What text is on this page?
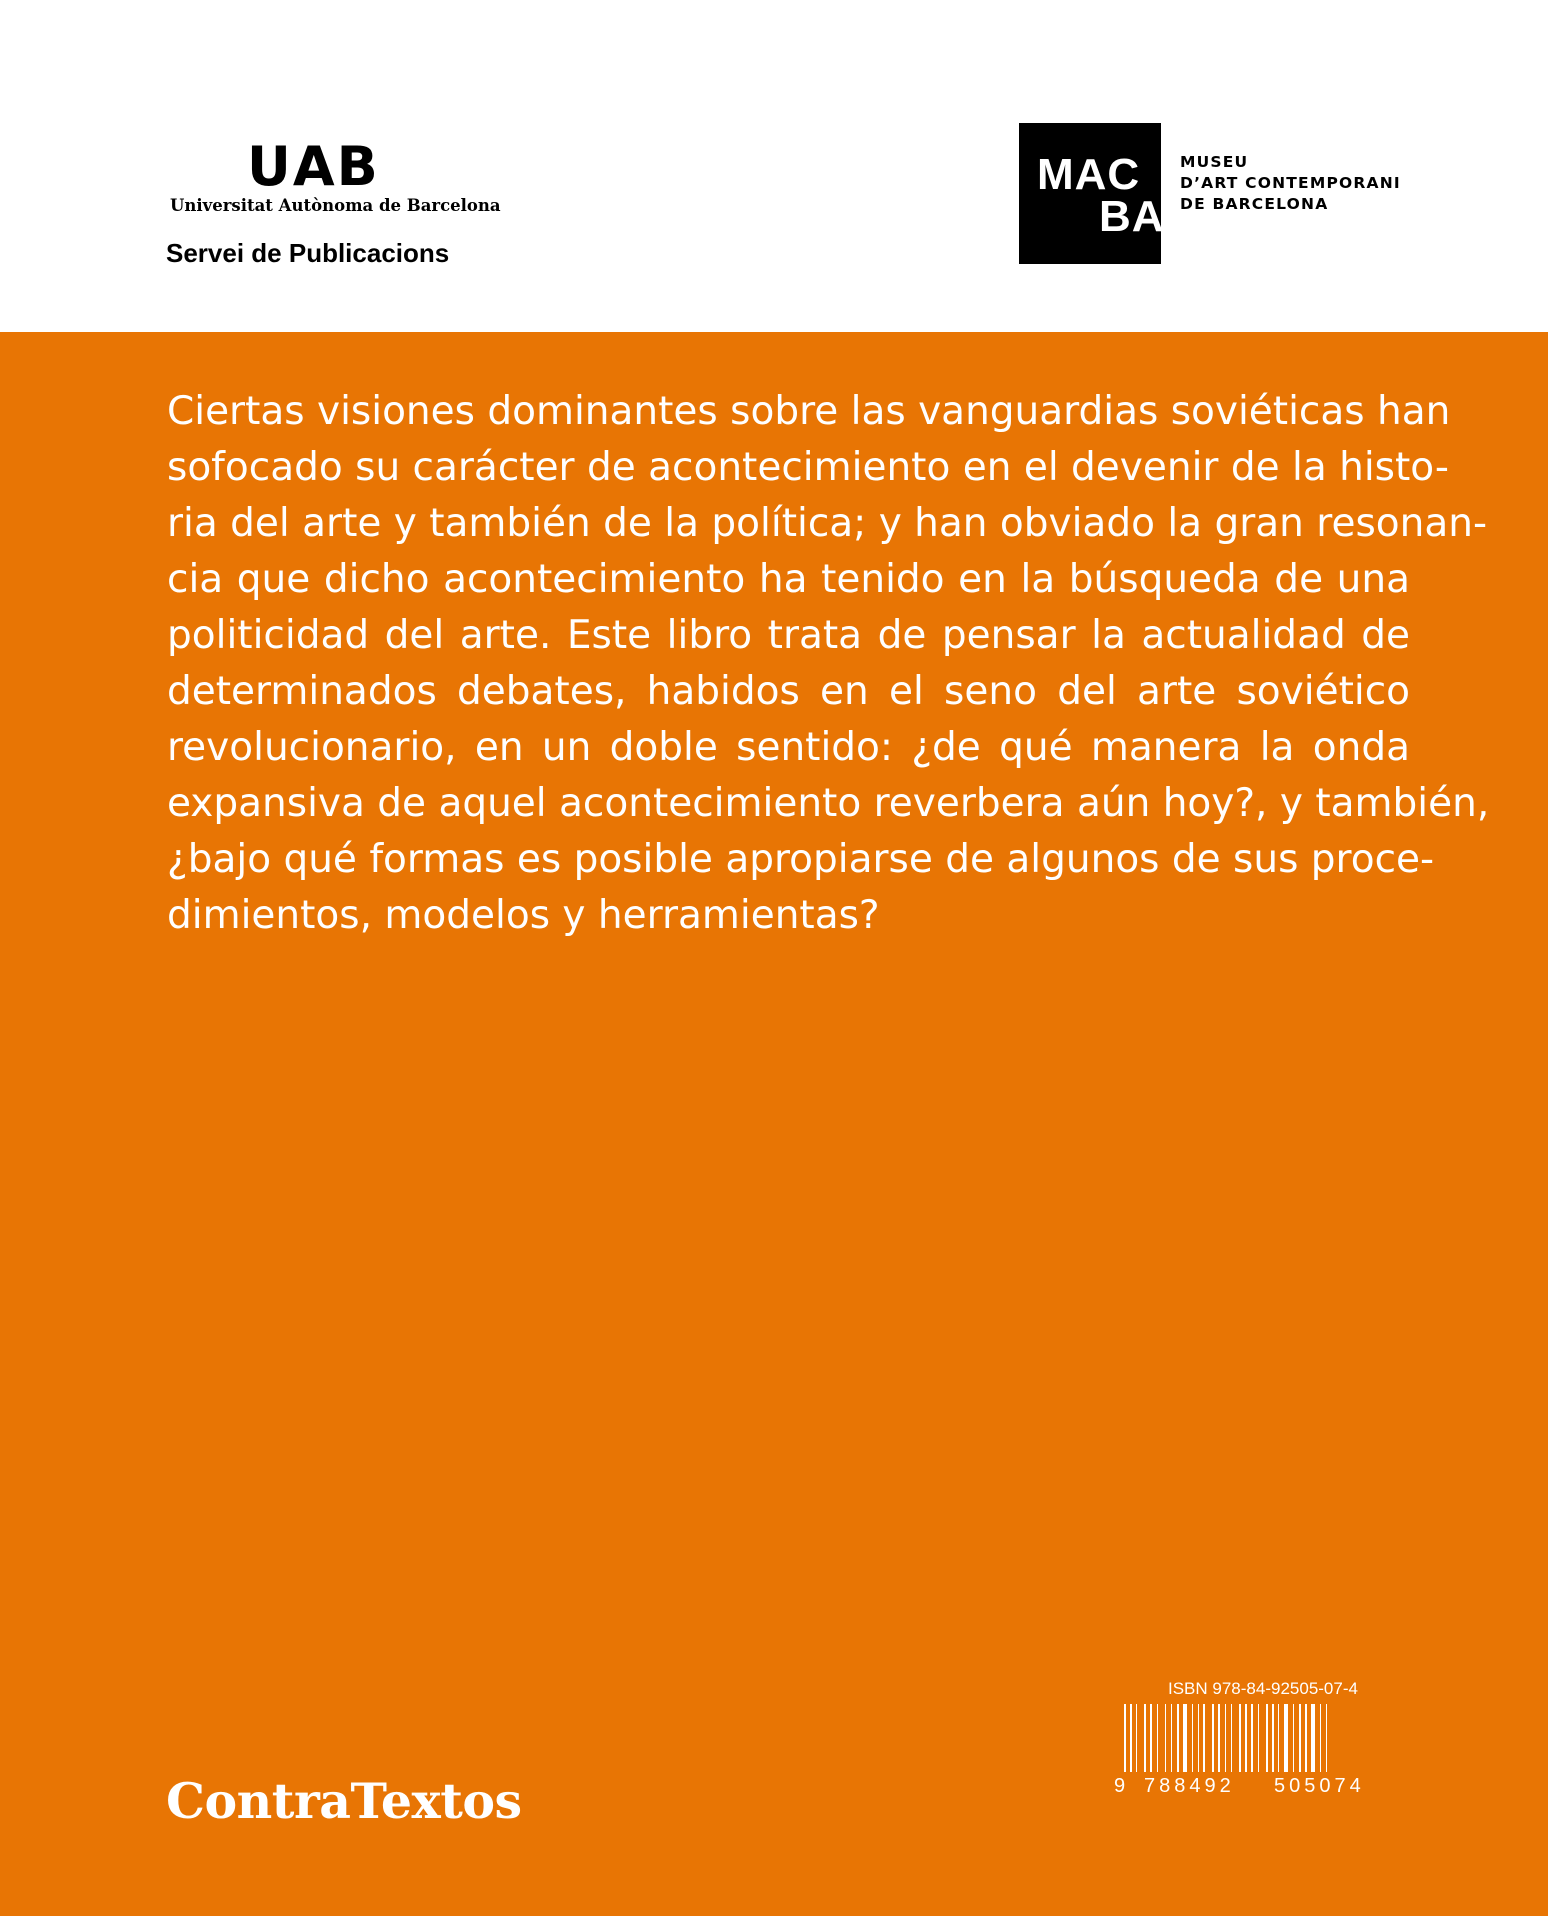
U A B
Universitat Autònoma de Barcelona
Servei de Publicacions
MAC
BA
MUSEU
D’ART CONTEMPORANI
DE BARCELONA
Ciertas visiones dominantes sobre las vanguardias soviéticas han
sofocado su carácter de acontecimiento en el devenir de la histo-
ria del arte y también de la política; y han obviado la gran resonan-
cia que dicho acontecimiento ha tenido en la búsqueda de una
politicidad del arte. Este libro trata de pensar la actualidad de
determinados debates, habidos en el seno del arte soviético
revolucionario, en un doble sentido: ¿de qué manera la onda
expansiva de aquel acontecimiento reverbera aún hoy?, y también,
¿bajo qué formas es posible apropiarse de algunos de sus proce-
dimientos, modelos y herramientas?
ISBN 978-84-92505-07-4
9 788492 505074
ContraTextos
